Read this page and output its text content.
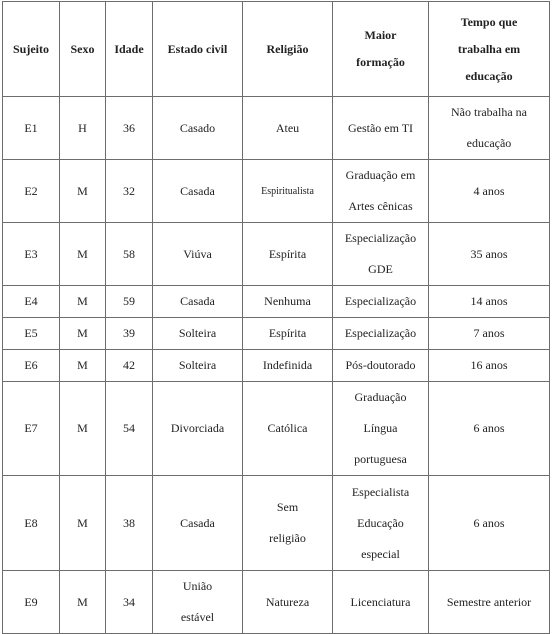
Sujeito	Sexo	Idade	Estado civil	Religião	Maior
formação	Tempo que
trabalha em
educação

E1	H	36	Casado	Ateu	Gestão em TI	Não trabalha na
educação

E2	M	32	Casada	Espiritualista	Graduação em
Artes cênicas	4 anos

E3	M	58	Viúva	Espírita	Especialização
GDE	35 anos

E4	M	59	Casada	Nenhuma	Especialização	14 anos

E5	M	39	Solteira	Espírita	Especialização	7 anos

E6	M	42	Solteira	Indefinida	Pós-doutorado	16 anos

E7	M	54	Divorciada	Católica	Graduação
Língua
portuguesa	6 anos

E8	M	38	Casada	Sem
religião	Especialista
Educação
especial	6 anos

E9	M	34	União
estável	Natureza	Licenciatura	Semestre anterior
